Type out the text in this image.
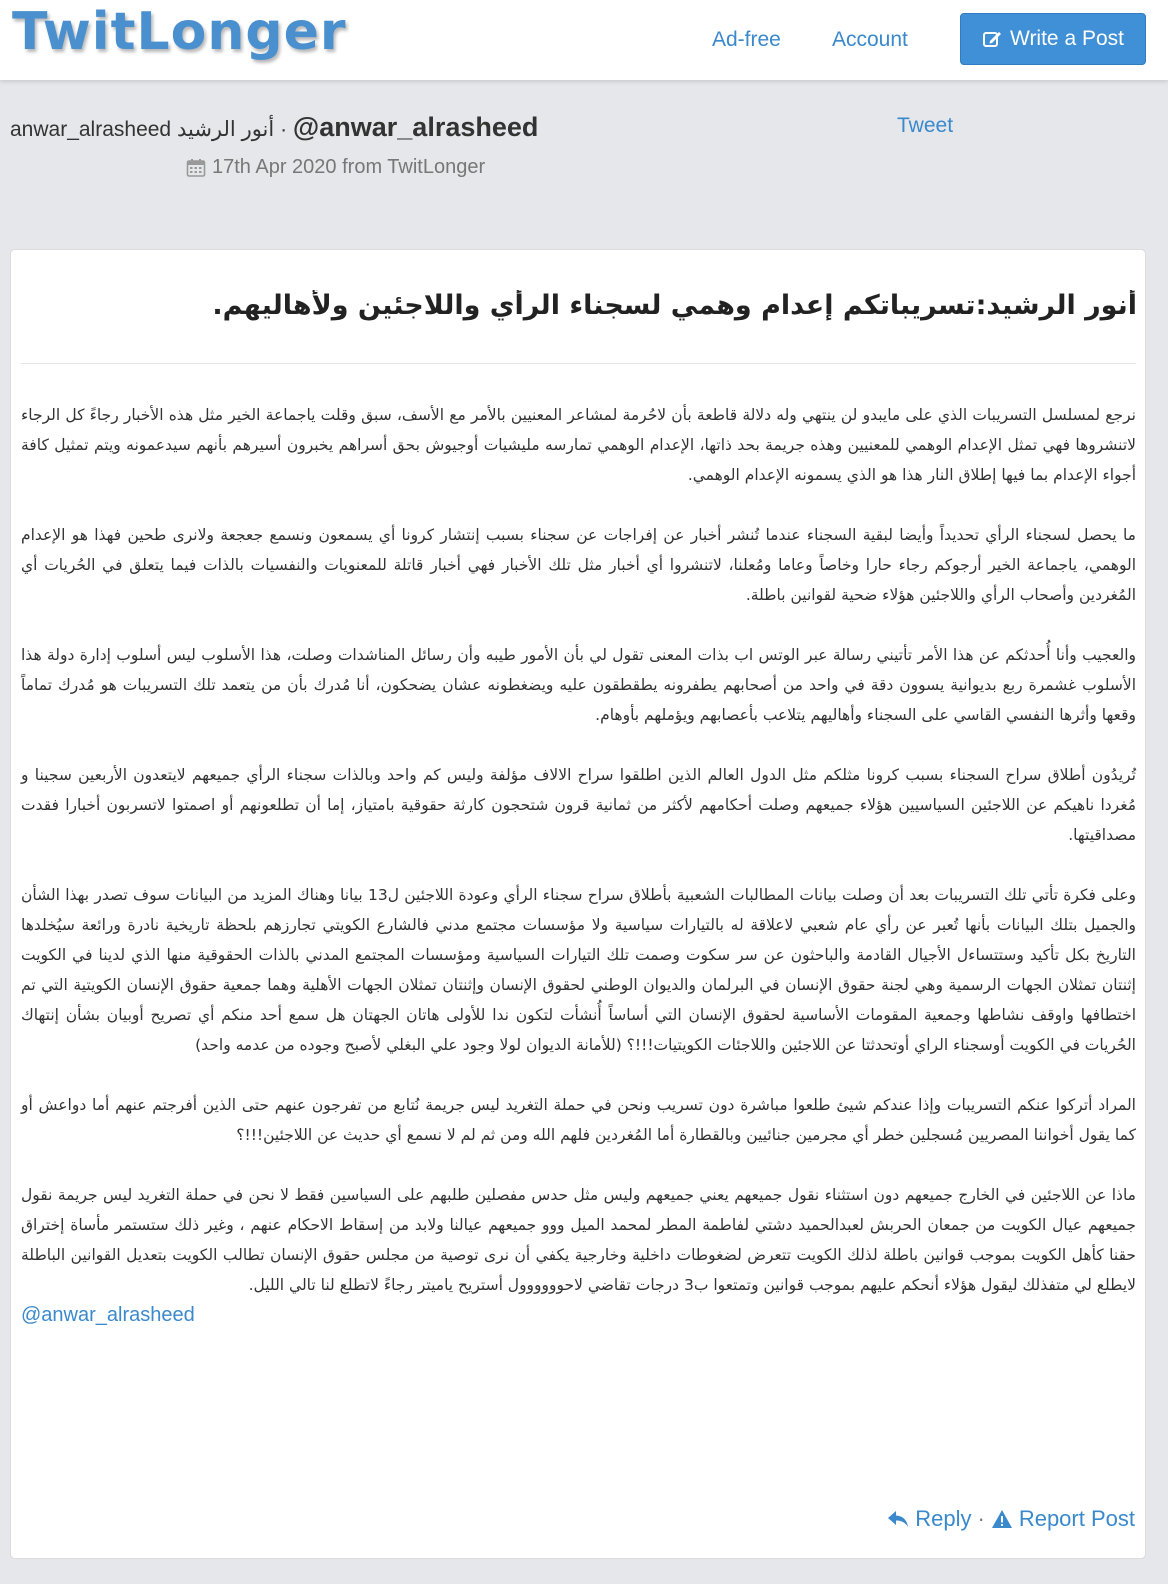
TwitLonger	Ad-free Account	Write a Post
anwar_alrasheed أنور الرشيد · @anwar_alrasheed	Tweet
17th Apr 2020 from TwitLonger
أنور الرشيد:تسريباتكم إعدام وهمي لسجناء الرأي واللاجئين ولأهاليهم.

نرجع لمسلسل التسريبات الذي على مايبدو لن ينتهي وله دلالة قاطعة بأن لاحُرمة لمشاعر المعنيين بالأمر مع الأسف، سبق وقلت ياجماعة الخير مثل هذه الأخبار رجاءً كل الرجاء لاتنشروها فهي تمثل الإعدام الوهمي للمعنيين وهذه جريمة بحد ذاتها، الإعدام الوهمي تمارسه مليشيات أوجيوش بحق أسراهم يخبرون أسيرهم بأنهم سيدعمونه ويتم تمثيل كافة أجواء الإعدام بما فيها إطلاق النار هذا هو الذي يسمونه الإعدام الوهمي.

ما يحصل لسجناء الرأي تحديداً وأيضا لبقية السجناء عندما تُنشر أخبار عن إفراجات عن سجناء بسبب إنتشار كرونا أي يسمعون ونسمع جعجعة ولانرى طحين فهذا هو الإعدام الوهمي، ياجماعة الخير أرجوكم رجاء حارا وخاصاً وعاما ومُعلنا، لاتنشروا أي أخبار مثل تلك الأخبار فهي أخبار قاتلة للمعنويات والنفسيات بالذات فيما يتعلق في الحُريات أي المُغردين وأصحاب الرأي واللاجئين هؤلاء ضحية لقوانين باطلة.

والعجيب وأنا أُحدثكم عن هذا الأمر تأتيني رسالة عبر الوتس اب بذات المعنى تقول لي بأن الأمور طيبه وأن رسائل المناشدات وصلت، هذا الأسلوب ليس أسلوب إدارة دولة هذا الأسلوب غشمرة ربع بديوانية يسوون دقة في واحد من أصحابهم يطفرونه يطقطقون عليه ويضغطونه عشان يضحكون، أنا مُدرك بأن من يتعمد تلك التسريبات هو مُدرك تماماً وقعها وأثرها النفسي القاسي على السجناء وأهاليهم يتلاعب بأعصابهم ويؤملهم بأوهام.

تُريدُون أطلاق سراح السجناء بسبب كرونا مثلكم مثل الدول العالم الذين اطلقوا سراح الالاف مؤلفة وليس كم واحد وبالذات سجناء الرأي جميعهم لايتعدون الأربعين سجينا و مُغردا ناهيكم عن اللاجئين السياسيين هؤلاء جميعهم وصلت أحكامهم لأكثر من ثمانية قرون شتحجون كارثة حقوقية بامتياز، إما أن تطلعونهم أو اصمتوا لاتسربون أخبارا فقدت مصداقيتها.

وعلى فكرة تأتي تلك التسريبات بعد أن وصلت بيانات المطالبات الشعبية بأطلاق سراح سجناء الرأي وعودة اللاجئين ل13 بيانا وهناك المزيد من البيانات سوف تصدر بهذا الشأن والجميل بتلك البيانات بأنها تُعبر عن رأي عام شعبي لاعلاقة له بالتيارات سياسية ولا مؤسسات مجتمع مدني فالشارع الكويتي تجارزهم بلحظة تاريخية نادرة ورائعة سيُخلدها التاريخ بكل تأكيد وستتساءل الأجيال القادمة والباحثون عن سر سكوت وصمت تلك التيارات السياسية ومؤسسات المجتمع المدني بالذات الحقوقية منها الذي لدينا في الكويت إثنتان تمثلان الجهات الرسمية وهي لجنة حقوق الإنسان في البرلمان والديوان الوطني لحقوق الإنسان وإثنتان تمثلان الجهات الأهلية وهما جمعية حقوق الإنسان الكويتية التي تم اختطافها واوقف نشاطها وجمعية المقومات الأساسية لحقوق الإنسان التي أساساً أُنشأت لتكون ندا للأولى هاتان الجهتان هل سمع أحد منكم أي تصريح أوبيان بشأن إنتهاك الحُريات في الكويت أوسجناء الراي أوتحدثتا عن اللاجئين واللاجئات الكويتيات!!!؟ (للأمانة الديوان لولا وجود علي البغلي لأصبح وجوده من عدمه واحد)

المراد أتركوا عنكم التسريبات وإذا عندكم شيئ طلعوا مباشرة دون تسريب ونحن في حملة التغريد ليس جريمة نُتابع من تفرجون عنهم حتى الذين أفرجتم عنهم أما دواعش أو كما يقول أخواننا المصريين مُسجلين خطر أي مجرمين جنائيين وبالقطارة أما المُغردين فلهم الله ومن ثم لم لا نسمع أي حديث عن اللاجئين!!!؟

ماذا عن اللاجئين في الخارج جميعهم دون استثناء نقول جميعهم يعني جميعهم وليس مثل حدس مفصلين طلبهم على السياسين فقط لا نحن في حملة التغريد ليس جريمة نقول جميعهم عيال الكويت من جمعان الحربش لعبدالحميد دشتي لفاطمة المطر لمحمد الميل ووو جميعهم عيالنا ولابد من إسقاط الاحكام عنهم ، وغير ذلك ستستمر مأساة إختراق حقنا كأهل الكويت بموجب قوانين باطلة لذلك الكويت تتعرض لضغوطات داخلية وخارجية يكفي أن نرى توصية من مجلس حقوق الإنسان تطالب الكويت بتعديل القوانين الباطلة لايطلع لي متفذلك ليقول هؤلاء أنحكم عليهم بموجب قوانين وتمتعوا ب3 درجات تقاضي لاحوووووول أستريح ياميتر رجاءً لاتطلع لنا تالي الليل.

@anwar_alrasheed
Reply · Report Post
